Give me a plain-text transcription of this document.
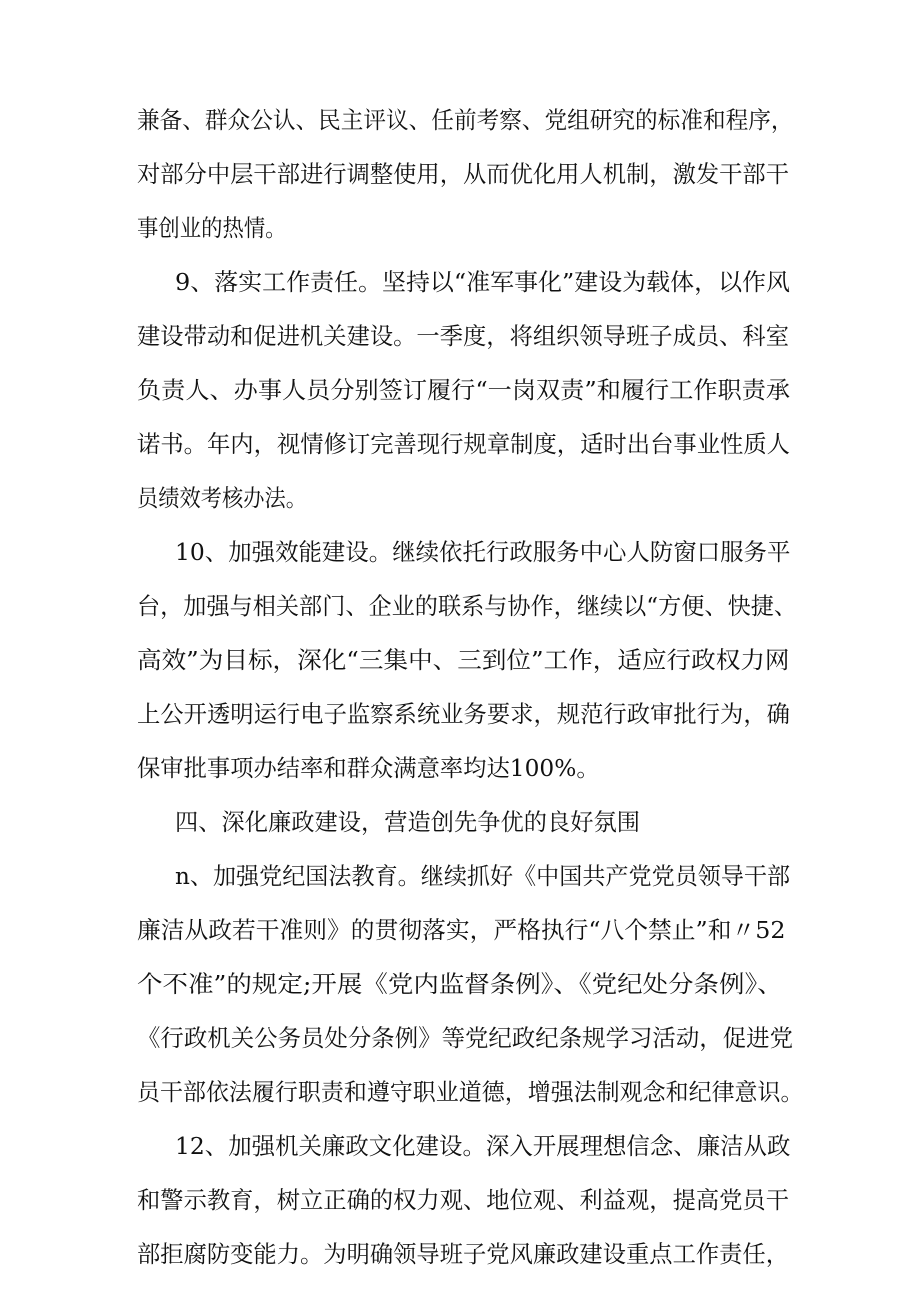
兼备、群众公认、民主评议、任前考察、党组研究的标准和程序，

对部分中层干部进行调整使用，从而优化用人机制，激发干部干

事创业的热情。

9、落实工作责任。坚持以“准军事化”建设为载体，以作风

建设带动和促进机关建设。一季度，将组织领导班子成员、科室

负责人、办事人员分别签订履行“一岗双责”和履行工作职责承

诺书。年内，视情修订完善现行规章制度，适时出台事业性质人

员绩效考核办法。

10、加强效能建设。继续依托行政服务中心人防窗口服务平

台，加强与相关部门、企业的联系与协作，继续以“方便、快捷、

高效”为目标，深化“三集中、三到位”工作，适应行政权力网

上公开透明运行电子监察系统业务要求，规范行政审批行为，确

保审批事项办结率和群众满意率均达100%。

四、深化廉政建设，营造创先争优的良好氛围

n、加强党纪国法教育。继续抓好《中国共产党党员领导干部

廉洁从政若干准则》的贯彻落实，严格执行“八个禁止”和〃52

个不准”的规定;开展《党内监督条例》、《党纪处分条例》、

《行政机关公务员处分条例》等党纪政纪条规学习活动，促进党

员干部依法履行职责和遵守职业道德，增强法制观念和纪律意识。

12、加强机关廉政文化建设。深入开展理想信念、廉洁从政

和警示教育，树立正确的权力观、地位观、利益观，提高党员干

部拒腐防变能力。为明确领导班子党风廉政建设重点工作责任，
